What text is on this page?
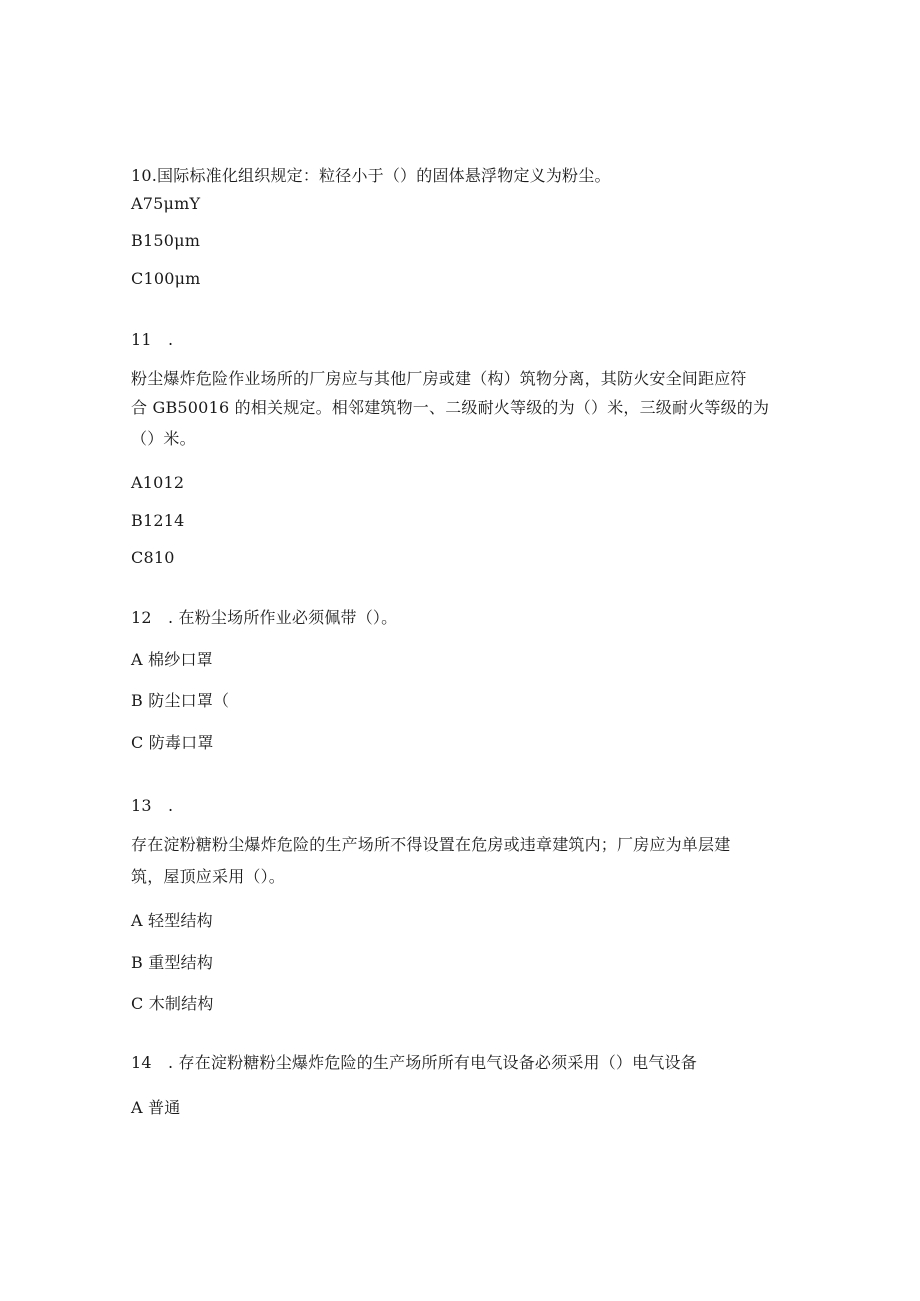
10.国际标准化组织规定：粒径小于（）的固体悬浮物定义为粉尘。
A75μmY
B150μm
C100μm
11　.
粉尘爆炸危险作业场所的厂房应与其他厂房或建（构）筑物分离，其防火安全间距应符
合 GB50016 的相关规定。相邻建筑物一、二级耐火等级的为（）米，三级耐火等级的为
（）米。
A1012
B1214
C810
12　. 在粉尘场所作业必须佩带（）。
A 棉纱口罩
B 防尘口罩（
C 防毒口罩
13　.
存在淀粉糖粉尘爆炸危险的生产场所不得设置在危房或违章建筑内；厂房应为单层建
筑，屋顶应采用（）。
A 轻型结构
B 重型结构
C 木制结构
14　. 存在淀粉糖粉尘爆炸危险的生产场所所有电气设备必须采用（）电气设备
A 普通
